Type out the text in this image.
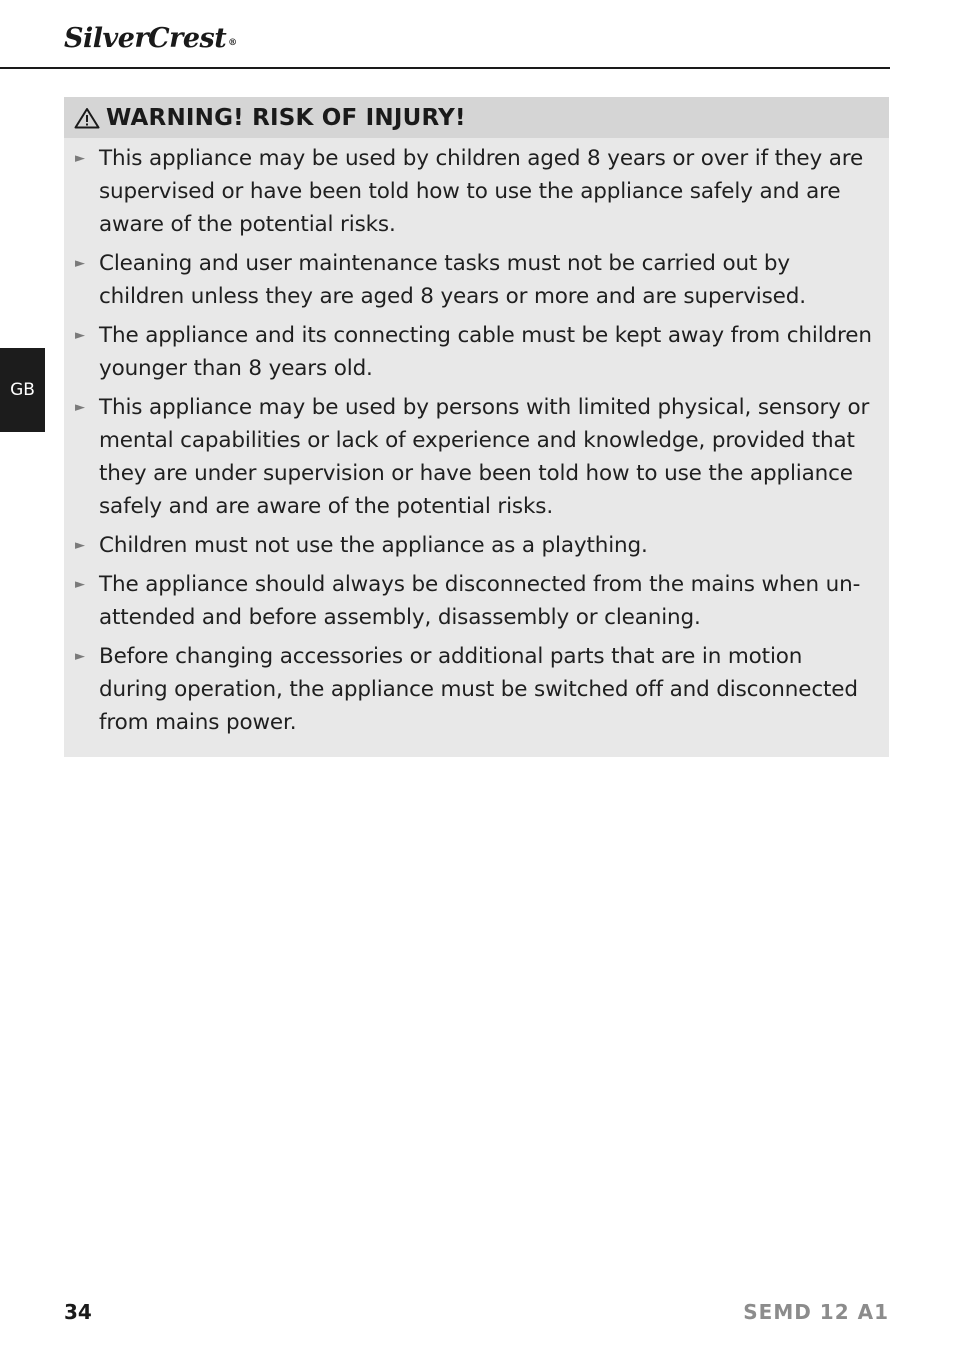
SilverCrest ®
GB
WARNING! RISK OF INJURY!
► This appliance may be used by children aged 8 years or over if they are supervised or have been told how to use the appliance safely and are aware of the potential risks.
► Cleaning and user maintenance tasks must not be carried out by children unless they are aged 8 years or more and are supervised.
► The appliance and its connecting cable must be kept away from children younger than 8 years old.
► This appliance may be used by persons with limited physical, sensory or mental capabilities or lack of experience and knowledge, provided that they are under supervision or have been told how to use the appliance safely and are aware of the potential risks.
► Children must not use the appliance as a plaything.
► The appliance should always be disconnected from the mains when un-attended and before assembly, disassembly or cleaning.
► Before changing accessories or additional parts that are in motion during operation, the appliance must be switched off and disconnected from mains power.
34	SEMD 12 A1
